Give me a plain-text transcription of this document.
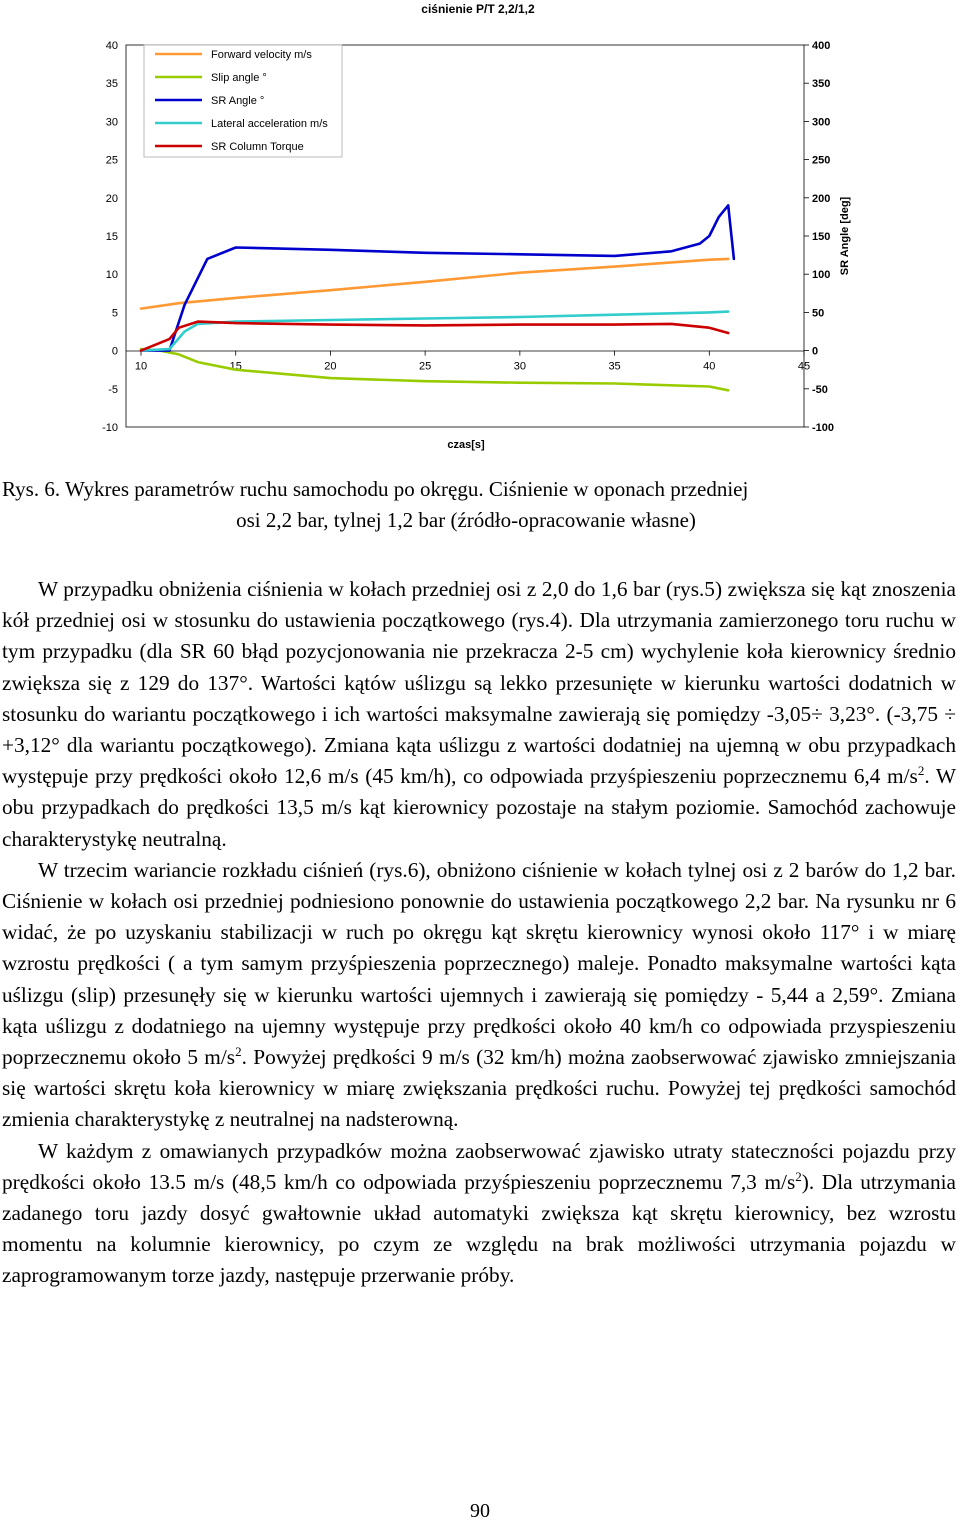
ciśnienie P/T 2,2/1,2
40
35
30
25
20
15
10
5
0
-5
-10
400
350
300
250
200
150
100
50
0
-50
-100
10	15	20	25	30	35	40	45
czas[s]
SR Angle [deg]
Forward velocity m/s
Slip angle °
SR Angle °
Lateral acceleration m/s
SR Column Torque
Rys. 6. Wykres parametrów ruchu samochodu po okręgu. Ciśnienie w oponach przedniej
osi 2,2 bar, tylnej 1,2 bar (źródło-opracowanie własne)

W przypadku obniżenia ciśnienia w kołach przedniej osi z 2,0 do 1,6 bar (rys.5) zwiększa się kąt znoszenia kół przedniej osi w stosunku do ustawienia początkowego (rys.4). Dla utrzymania zamierzonego toru ruchu w tym przypadku (dla SR 60 błąd pozycjonowania nie przekracza 2-5 cm) wychylenie koła kierownicy średnio zwiększa się z 129 do 137°. Wartości kątów uślizgu są lekko przesunięte w kierunku wartości dodatnich w stosunku do wariantu początkowego i ich wartości maksymalne zawierają się pomiędzy -3,05÷ 3,23°. (-3,75 ÷ +3,12° dla wariantu początkowego). Zmiana kąta uślizgu z wartości dodatniej na ujemną w obu przypadkach występuje przy prędkości około 12,6 m/s (45 km/h), co odpowiada przyśpieszeniu poprzecznemu 6,4 $m/s^2$. W obu przypadkach do prędkości 13,5 m/s kąt kierownicy pozostaje na stałym poziomie. Samochód zachowuje charakterystykę neutralną.

W trzecim wariancie rozkładu ciśnień (rys.6), obniżono ciśnienie w kołach tylnej osi z 2 barów do 1,2 bar. Ciśnienie w kołach osi przedniej podniesiono ponownie do ustawienia początkowego 2,2 bar. Na rysunku nr 6 widać, że po uzyskaniu stabilizacji w ruch po okręgu kąt skrętu kierownicy wynosi około 117° i w miarę wzrostu prędkości ( a tym samym przyśpieszenia poprzecznego) maleje. Ponadto maksymalne wartości kąta uślizgu (slip) przesunęły się w kierunku wartości ujemnych i zawierają się pomiędzy - 5,44 a 2,59°. Zmiana kąta uślizgu z dodatniego na ujemny występuje przy prędkości około 40 km/h co odpowiada przyspieszeniu poprzecznemu około 5 $m/s^2$. Powyżej prędkości 9 m/s (32 km/h) można zaobserwować zjawisko zmniejszania się wartości skrętu koła kierownicy w miarę zwiększania prędkości ruchu. Powyżej tej prędkości samochód zmienia charakterystykę z neutralnej na nadsterowną.

W każdym z omawianych przypadków można zaobserwować zjawisko utraty stateczności pojazdu przy prędkości około 13.5 m/s (48,5 km/h co odpowiada przyśpieszeniu poprzecznemu 7,3 $m/s^2$). Dla utrzymania zadanego toru jazdy dosyć gwałtownie układ automatyki zwiększa kąt skrętu kierownicy, bez wzrostu momentu na kolumnie kierownicy, po czym ze względu na brak możliwości utrzymania pojazdu w zaprogramowanym torze jazdy, następuje przerwanie próby.

90
